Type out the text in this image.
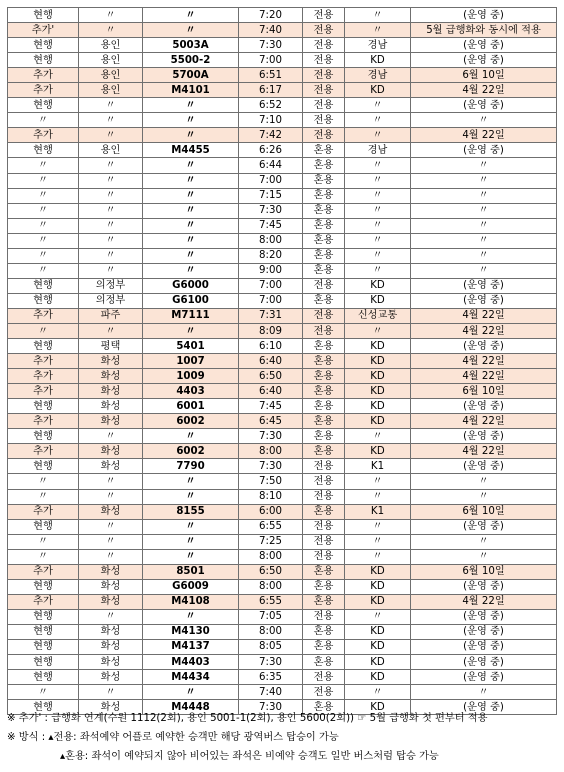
현행	〃	〃	7:20	전용	〃	(운영 중)
추가'	〃	〃	7:40	전용	〃	5월 급행화와 동시에 적용
현행	용인	5003A	7:30	전용	경남	(운영 중)
현행	용인	5500-2	7:00	전용	KD	(운영 중)
추가	용인	5700A	6:51	전용	경남	6월 10일
추가	용인	M4101	6:17	전용	KD	4월 22일
현행	〃	〃	6:52	전용	〃	(운영 중)
〃	〃	〃	7:10	전용	〃	〃
추가	〃	〃	7:42	전용	〃	4월 22일
현행	용인	M4455	6:26	혼용	경남	(운영 중)
〃	〃	〃	6:44	혼용	〃	〃
〃	〃	〃	7:00	혼용	〃	〃
〃	〃	〃	7:15	혼용	〃	〃
〃	〃	〃	7:30	혼용	〃	〃
〃	〃	〃	7:45	혼용	〃	〃
〃	〃	〃	8:00	혼용	〃	〃
〃	〃	〃	8:20	혼용	〃	〃
〃	〃	〃	9:00	혼용	〃	〃
현행	의정부	G6000	7:00	전용	KD	(운영 중)
현행	의정부	G6100	7:00	혼용	KD	(운영 중)
추가	파주	M7111	7:31	전용	신성교통	4월 22일
〃	〃	〃	8:09	전용	〃	4월 22일
현행	평택	5401	6:10	혼용	KD	(운영 중)
추가	화성	1007	6:40	혼용	KD	4월 22일
추가	화성	1009	6:50	혼용	KD	4월 22일
추가	화성	4403	6:40	혼용	KD	6월 10일
현행	화성	6001	7:45	혼용	KD	(운영 중)
추가	화성	6002	6:45	혼용	KD	4월 22일
현행	〃	〃	7:30	혼용	〃	(운영 중)
추가	화성	6002	8:00	혼용	KD	4월 22일
현행	화성	7790	7:30	전용	K1	(운영 중)
〃	〃	〃	7:50	전용	〃	〃
〃	〃	〃	8:10	전용	〃	〃
추가	화성	8155	6:00	혼용	K1	6월 10일
현행	〃	〃	6:55	전용	〃	(운영 중)
〃	〃	〃	7:25	전용	〃	〃
〃	〃	〃	8:00	전용	〃	〃
추가	화성	8501	6:50	혼용	KD	6월 10일
현행	화성	G6009	8:00	혼용	KD	(운영 중)
추가	화성	M4108	6:55	혼용	KD	4월 22일
현행	〃	〃	7:05	전용	〃	(운영 중)
현행	화성	M4130	8:00	혼용	KD	(운영 중)
현행	화성	M4137	8:05	혼용	KD	(운영 중)
현행	화성	M4403	7:30	혼용	KD	(운영 중)
현행	화성	M4434	6:35	전용	KD	(운영 중)
〃	〃	〃	7:40	전용	〃	〃
현행	화성	M4448	7:30	혼용	KD	(운영 중)
※ 추가' : 급행화 연계(수원 1112(2회), 용인 5001-1(2회), 용인 5600(2회)) ☞ 5월 급행화 첫 편부터 적용
※ 방식 : ▴전용: 좌석예약 어플로 예약한 승객만 해당 광역버스 탑승이 가능
▴혼용: 좌석이 예약되지 않아 비어있는 좌석은 비예약 승객도 일반 버스처럼 탑승 가능
